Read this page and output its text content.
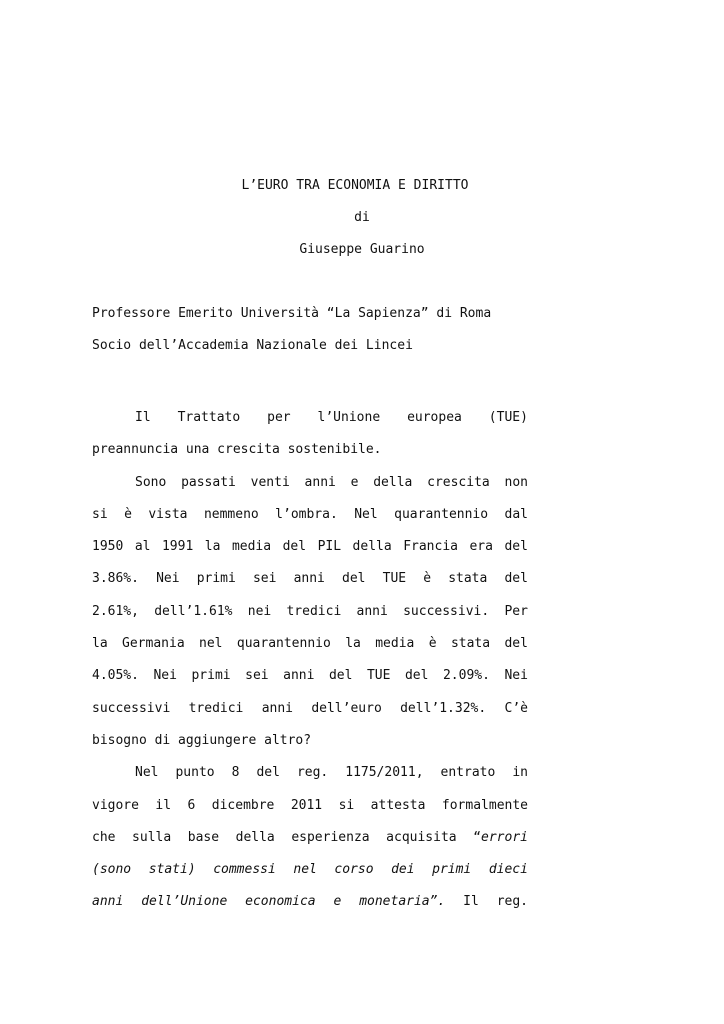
L’EURO TRA ECONOMIA E DIRITTO
di
Giuseppe Guarino
Professore Emerito Università “La Sapienza” di Roma
Socio dell’Accademia Nazionale dei Lincei
Il Trattato per l’Unione europea (TUE)
preannuncia una crescita sostenibile.
Sono passati venti anni e della crescita non
si è vista nemmeno l’ombra. Nel quarantennio dal
1950 al 1991 la media del PIL della Francia era del
3.86%. Nei primi sei anni del TUE è stata del
2.61%, dell’1.61% nei tredici anni successivi. Per
la Germania nel quarantennio la media è stata del
4.05%. Nei primi sei anni del TUE del 2.09%. Nei
successivi tredici anni dell’euro dell’1.32%. C’è
bisogno di aggiungere altro?
Nel punto 8 del reg. 1175/2011, entrato in
vigore il 6 dicembre 2011 si attesta formalmente
che sulla base della esperienza acquisita “errori
(sono stati) commessi nel corso dei primi dieci
anni dell’Unione economica e monetaria”. Il reg.
